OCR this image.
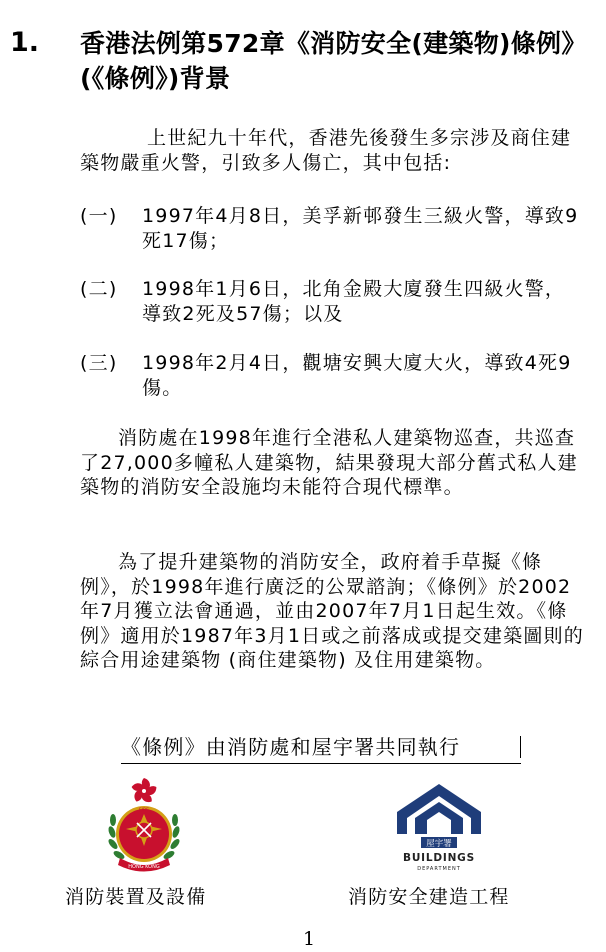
1. 香港法例第572章《消防安全(建築物)條例》(《條例》)背景
上世紀九十年代，香港先後發生多宗涉及商住建築物嚴重火警，引致多人傷亡，其中包括:
(一) 1997年4月8日，美孚新邨發生三級火警，導致9死17傷；
(二) 1998年1月6日，北角金殿大廈發生四級火警，導致2死及57傷；以及
(三) 1998年2月4日，觀塘安興大廈大火，導致4死9傷。
消防處在1998年進行全港私人建築物巡查，共巡查了27,000多幢私人建築物，結果發現大部分舊式私人建築物的消防安全設施均未能符合現代標準。
為了提升建築物的消防安全，政府着手草擬《條例》，於1998年進行廣泛的公眾諮詢；《條例》於2002年7月獲立法會通過，並由2007年7月1日起生效。《條例》適用於1987年3月1日或之前落成或提交建築圖則的綜合用途建築物 (商住建築物) 及住用建築物。
《條例》由消防處和屋宇署共同執行
HONG KONG
FIRE
屋宇署
BUILDINGS
DEPARTMENT
消防裝置及設備	消防安全建造工程
1
